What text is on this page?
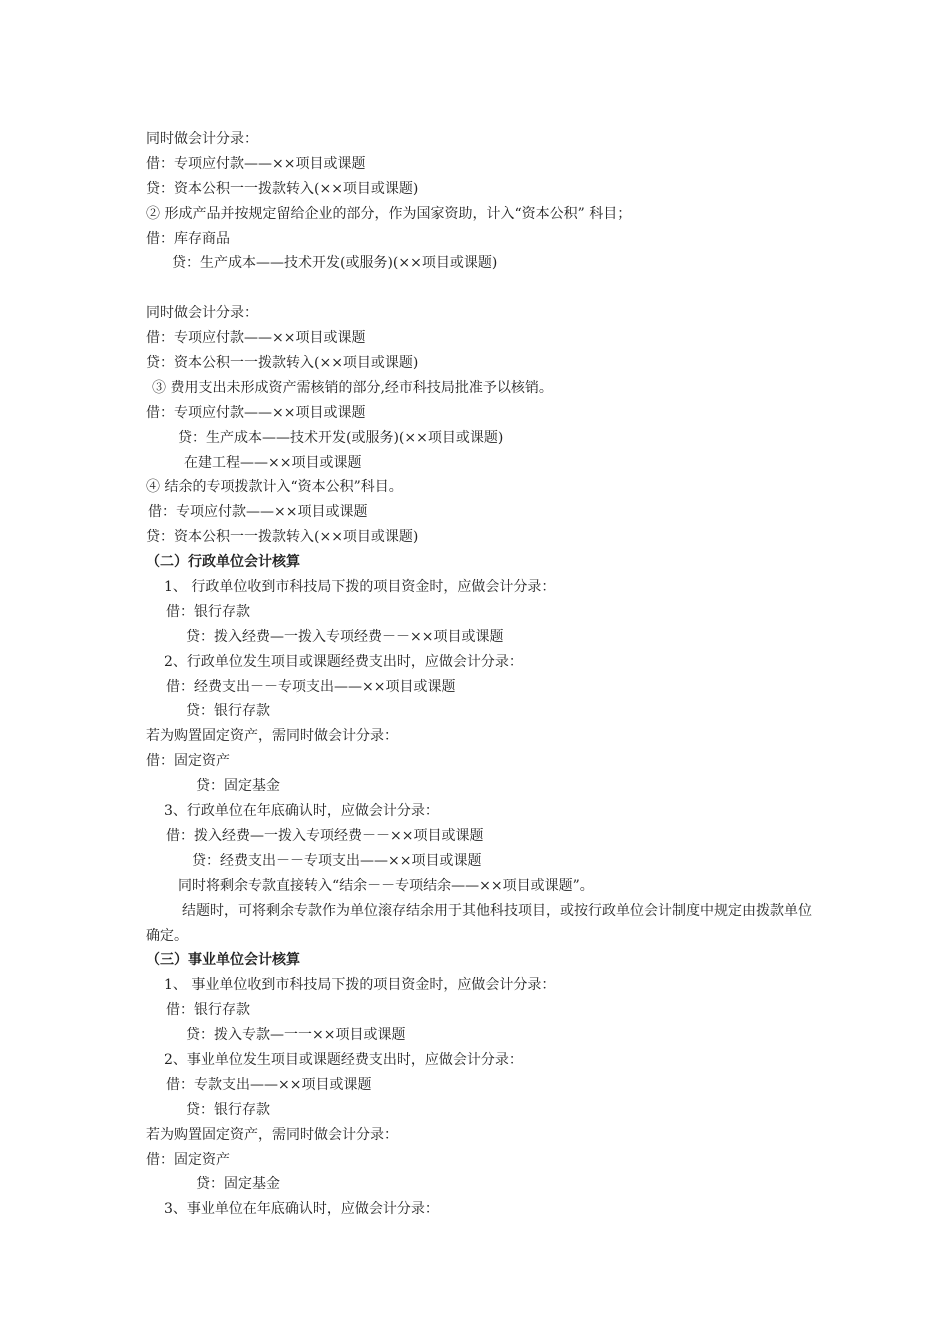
同时做会计分录：
借：专项应付款——××项目或课题
贷：资本公积一一拨款转入(××项目或课题)
② 形成产品并按规定留给企业的部分，作为国家资助，计入“资本公积” 科目；
借：库存商品
贷：生产成本——技术开发(或服务)(××项目或课题)
同时做会计分录：
借：专项应付款——××项目或课题
贷：资本公积一一拨款转入(××项目或课题)
③ 费用支出未形成资产需核销的部分,经市科技局批准予以核销。
借：专项应付款——××项目或课题
贷：生产成本——技术开发(或服务)(××项目或课题)
在建工程——××项目或课题
④ 结余的专项拨款计入“资本公积”科目。
借：专项应付款——××项目或课题
贷：资本公积一一拨款转入(××项目或课题)
（二）行政单位会计核算
1、 行政单位收到市科技局下拨的项目资金时，应做会计分录：
借：银行存款
贷：拨入经费—一拨入专项经费－－××项目或课题
2、行政单位发生项目或课题经费支出时，应做会计分录：
借：经费支出－－专项支出——××项目或课题
贷：银行存款
若为购置固定资产，需同时做会计分录：
借：固定资产
贷：固定基金
3、行政单位在年底确认时，应做会计分录：
借：拨入经费—一拨入专项经费－－××项目或课题
贷：经费支出－－专项支出——××项目或课题
同时将剩余专款直接转入“结余－－专项结余——××项目或课题”。
结题时，可将剩余专款作为单位滚存结余用于其他科技项目，或按行政单位会计制度中规定由拨款单位确定。
（三）事业单位会计核算
1、 事业单位收到市科技局下拨的项目资金时，应做会计分录：
借：银行存款
贷：拨入专款—一一××项目或课题
2、事业单位发生项目或课题经费支出时，应做会计分录：
借：专款支出——××项目或课题
贷：银行存款
若为购置固定资产，需同时做会计分录：
借：固定资产
贷：固定基金
3、事业单位在年底确认时，应做会计分录：
